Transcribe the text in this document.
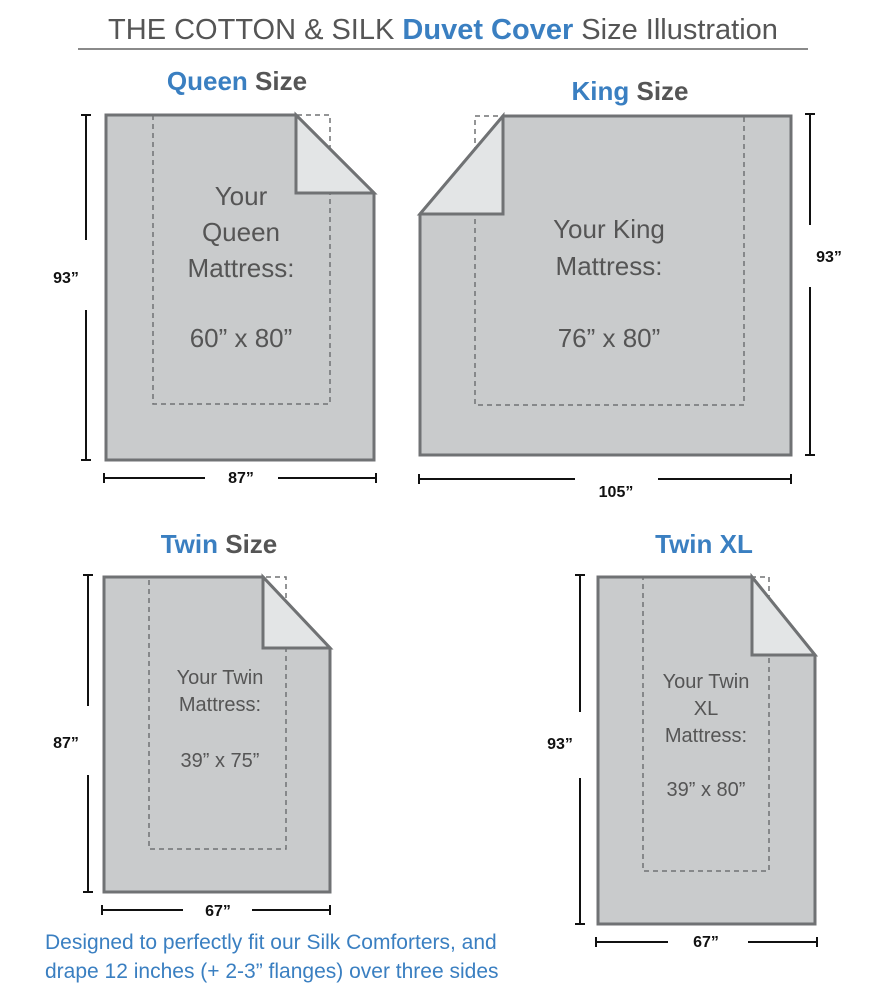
THE COTTON & SILK Duvet Cover Size Illustration
Queen Size
Your
Queen
Mattress:
60” x 80”
93”
87”
King Size
Your King
Mattress:
76” x 80”
93”
105”
Twin Size
Your Twin
Mattress:
39” x 75”
87”
67”
Twin XL
Your Twin
XL
Mattress:
39” x 80”
93”
67”
Designed to perfectly fit our Silk Comforters, and
drape 12 inches (+ 2-3” flanges) over three sides
